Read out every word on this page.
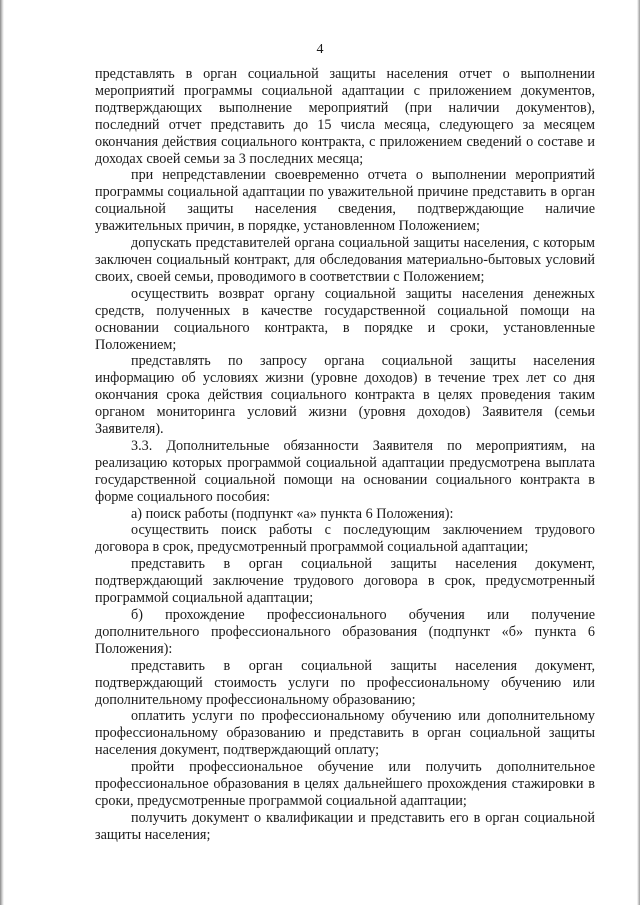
4

представлять в орган социальной защиты населения отчет о выполнении мероприятий программы социальной адаптации с приложением документов, подтверждающих выполнение мероприятий (при наличии документов), последний отчет представить до 15 числа месяца, следующего за месяцем окончания действия социального контракта, с приложением сведений о составе и доходах своей семьи за 3 последних месяца;

при непредставлении своевременно отчета о выполнении мероприятий программы социальной адаптации по уважительной причине представить в орган социальной защиты населения сведения, подтверждающие наличие уважительных причин, в порядке, установленном Положением;

допускать представителей органа социальной защиты населения, с которым заключен социальный контракт, для обследования материально-бытовых условий своих, своей семьи, проводимого в соответствии с Положением;

осуществить возврат органу социальной защиты населения денежных средств, полученных в качестве государственной социальной помощи на основании социального контракта, в порядке и сроки, установленные Положением;

представлять по запросу органа социальной защиты населения информацию об условиях жизни (уровне доходов) в течение трех лет со дня окончания срока действия социального контракта в целях проведения таким органом мониторинга условий жизни (уровня доходов) Заявителя (семьи Заявителя).

3.3. Дополнительные обязанности Заявителя по мероприятиям, на реализацию которых программой социальной адаптации предусмотрена выплата государственной социальной помощи на основании социального контракта в форме социального пособия:

а) поиск работы (подпункт «а» пункта 6 Положения):

осуществить поиск работы с последующим заключением трудового договора в срок, предусмотренный программой социальной адаптации;

представить в орган социальной защиты населения документ, подтверждающий заключение трудового договора в срок, предусмотренный программой социальной адаптации;

б) прохождение профессионального обучения или получение дополнительного профессионального образования (подпункт «б» пункта 6 Положения):

представить в орган социальной защиты населения документ, подтверждающий стоимость услуги по профессиональному обучению или дополнительному профессиональному образованию;

оплатить услуги по профессиональному обучению или дополнительному профессиональному образованию и представить в орган социальной защиты населения документ, подтверждающий оплату;

пройти профессиональное обучение или получить дополнительное профессиональное образования в целях дальнейшего прохождения стажировки в сроки, предусмотренные программой социальной адаптации;

получить документ о квалификации и представить его в орган социальной защиты населения;
